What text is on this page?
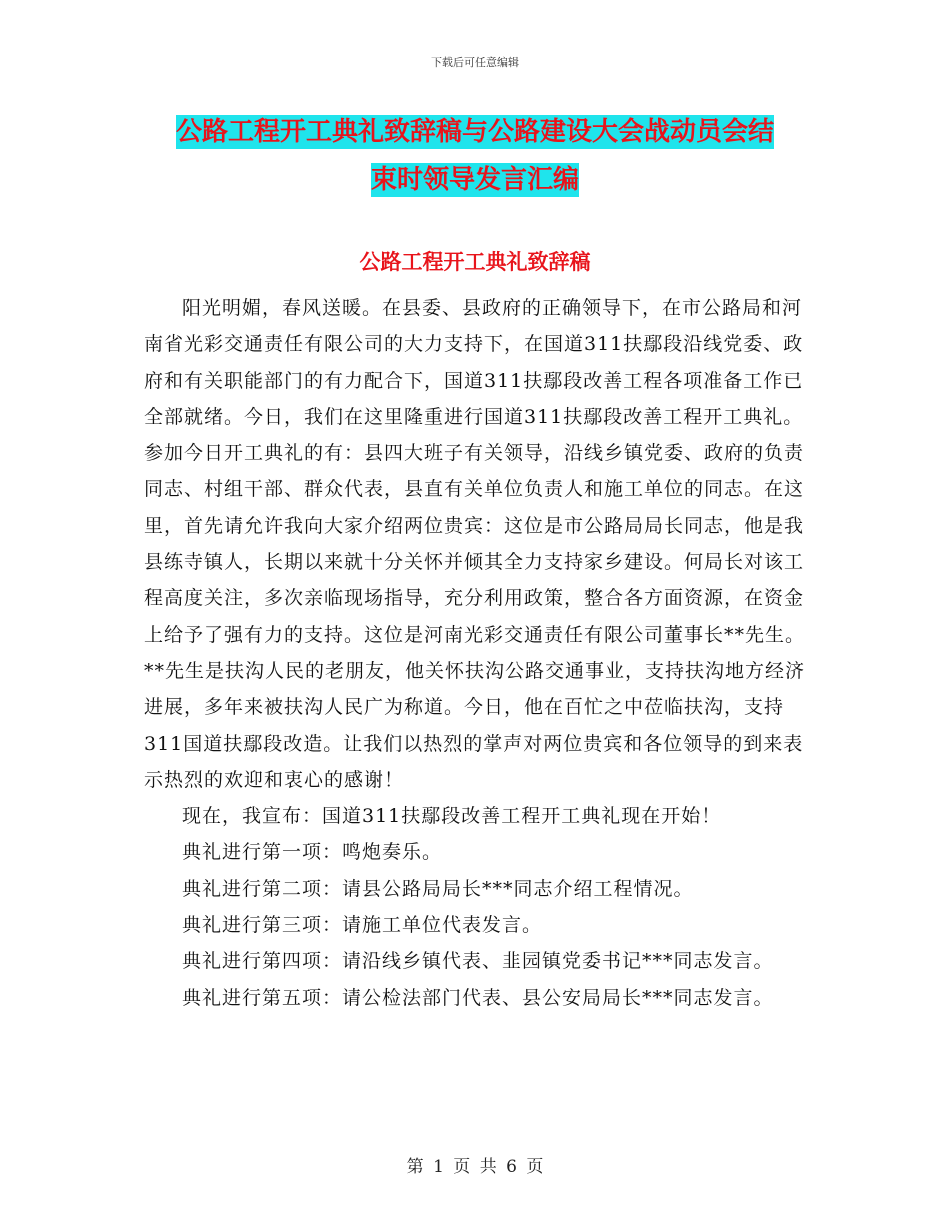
下载后可任意编辑
公路工程开工典礼致辞稿与公路建设大会战动员会结
束时领导发言汇编
公路工程开工典礼致辞稿

阳光明媚，春风送暖。在县委、县政府的正确领导下，在市公路局和河南省光彩交通责任有限公司的大力支持下，在国道311扶鄢段沿线党委、政府和有关职能部门的有力配合下，国道311扶鄢段改善工程各项准备工作已全部就绪。今日，我们在这里隆重进行国道311扶鄢段改善工程开工典礼。参加今日开工典礼的有：县四大班子有关领导，沿线乡镇党委、政府的负责同志、村组干部、群众代表，县直有关单位负责人和施工单位的同志。在这里，首先请允许我向大家介绍两位贵宾：这位是市公路局局长同志，他是我县练寺镇人，长期以来就十分关怀并倾其全力支持家乡建设。何局长对该工程高度关注，多次亲临现场指导，充分利用政策，整合各方面资源，在资金上给予了强有力的支持。这位是河南光彩交通责任有限公司董事长**先生。**先生是扶沟人民的老朋友，他关怀扶沟公路交通事业，支持扶沟地方经济进展，多年来被扶沟人民广为称道。今日，他在百忙之中莅临扶沟，支持311国道扶鄢段改造。让我们以热烈的掌声对两位贵宾和各位领导的到来表示热烈的欢迎和衷心的感谢！

现在，我宣布：国道311扶鄢段改善工程开工典礼现在开始！

典礼进行第一项：鸣炮奏乐。

典礼进行第二项：请县公路局局长***同志介绍工程情况。

典礼进行第三项：请施工单位代表发言。

典礼进行第四项：请沿线乡镇代表、韭园镇党委书记***同志发言。

典礼进行第五项：请公检法部门代表、县公安局局长***同志发言。

第 1 页 共 6 页
